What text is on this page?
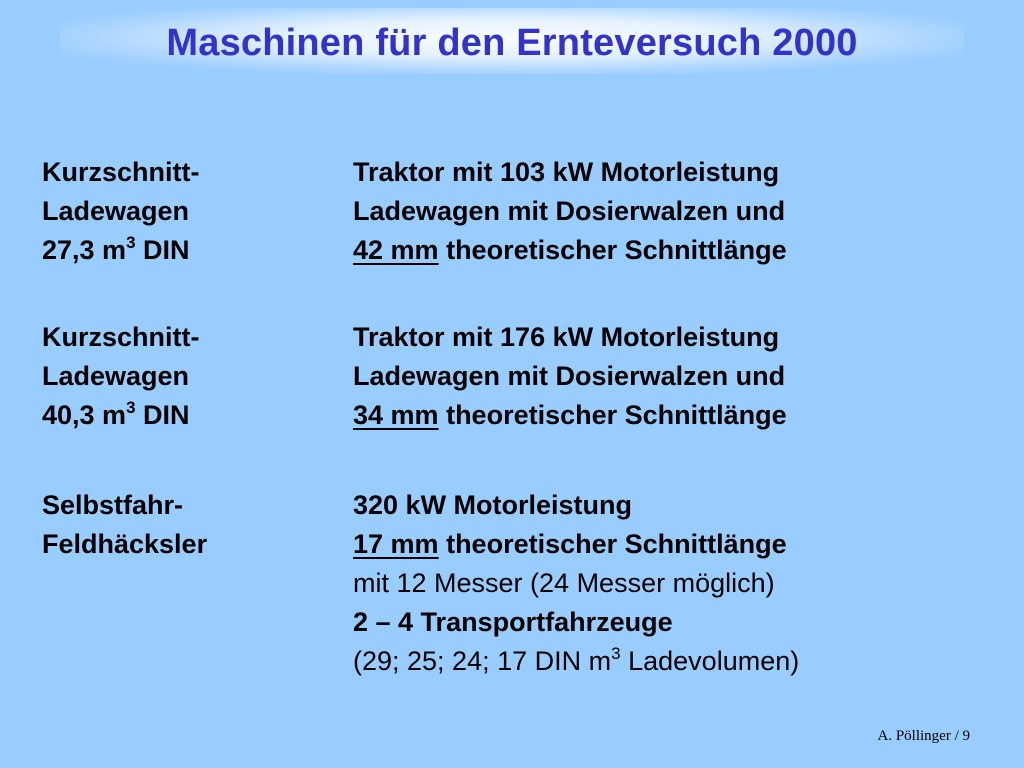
Maschinen für den Ernteversuch 2000
Kurzschnitt-
Ladewagen
27,3 $m^3$ DIN
Traktor mit 103 kW Motorleistung
Ladewagen mit Dosierwalzen und
42 mm theoretischer Schnittlänge
Kurzschnitt-
Ladewagen
40,3 $m^3$ DIN
Traktor mit 176 kW Motorleistung
Ladewagen mit Dosierwalzen und
34 mm theoretischer Schnittlänge
Selbstfahr-
Feldhäcksler
320 kW Motorleistung
17 mm theoretischer Schnittlänge
mit 12 Messer (24 Messer möglich)
2 – 4 Transportfahrzeuge
(29; 25; 24; 17 DIN $m^3$ Ladevolumen)
A. Pöllinger / 9
